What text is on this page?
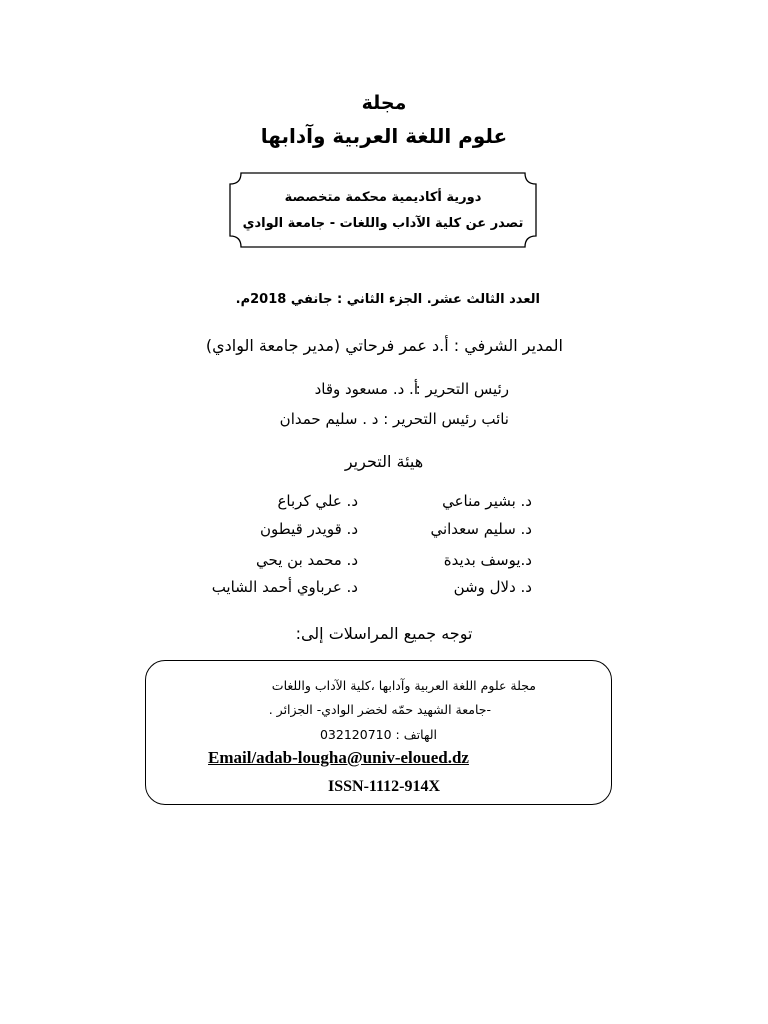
مجلة
علوم اللغة العربية وآدابها
دورية أكاديمية محكمة متخصصة
تصدر عن كلية الآداب واللغات - جامعة الوادي
العدد الثالث عشر. الجزء الثاني : جانفي 2018م.
المدير الشرفي : أ.د عمر فرحاتي (مدير جامعة الوادي)
رئيس التحرير :
أ. د. مسعود وقاد
نائب رئيس التحرير : د . سليم حمدان
هيئة التحرير
د. بشير مناعي
د. سليم سعداني
د.يوسف بديدة
د. دلال وشن
د. علي كرباع
د. قويدر قيطون
د. محمد بن يحي
د. عرباوي أحمد الشايب
توجه جميع المراسلات إلى:
مجلة علوم اللغة العربية وآدابها ،كلية الآداب واللغات
-جامعة الشهيد حمّه لخضر الوادي- الجزائر .
الهاتف : 032120710
Email/adab-lougha@univ-eloued.dz
ISSN-1112-914X
